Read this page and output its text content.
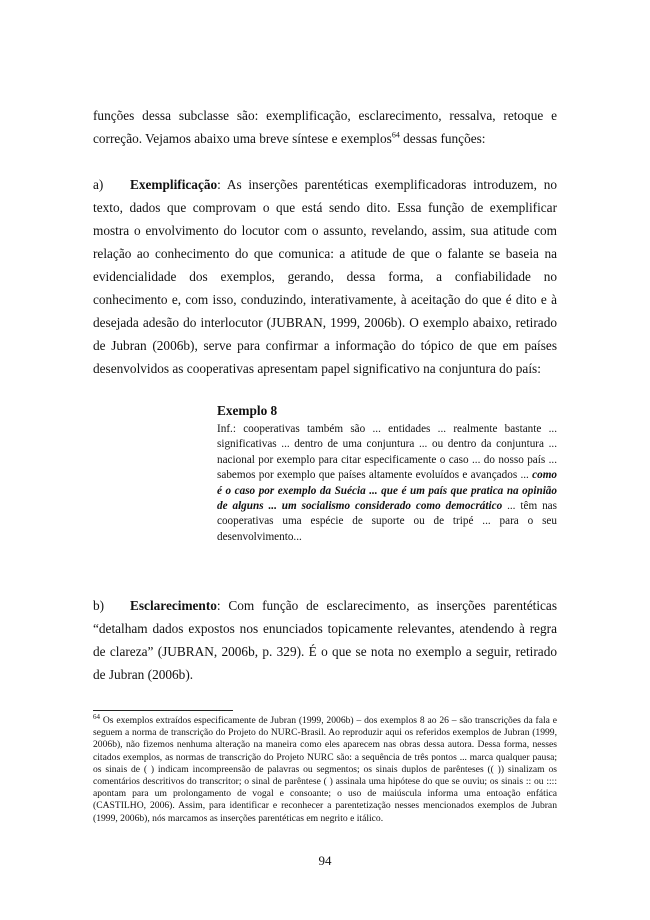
funções dessa subclasse são: exemplificação, esclarecimento, ressalva, retoque e correção. Vejamos abaixo uma breve síntese e exemplos$^{64}$ dessas funções:

a) Exemplificação: As inserções parentéticas exemplificadoras introduzem, no texto, dados que comprovam o que está sendo dito. Essa função de exemplificar mostra o envolvimento do locutor com o assunto, revelando, assim, sua atitude com relação ao conhecimento do que comunica: a atitude de que o falante se baseia na evidencialidade dos exemplos, gerando, dessa forma, a confiabilidade no conhecimento e, com isso, conduzindo, interativamente, à aceitação do que é dito e à desejada adesão do interlocutor (JUBRAN, 1999, 2006b). O exemplo abaixo, retirado de Jubran (2006b), serve para confirmar a informação do tópico de que em países desenvolvidos as cooperativas apresentam papel significativo na conjuntura do país:

Exemplo 8

Inf.: cooperativas também são ... entidades ... realmente bastante ... significativas ... dentro de uma conjuntura ... ou dentro da conjuntura ... nacional por exemplo para citar especificamente o caso ... do nosso país ... sabemos por exemplo que países altamente evoluídos e avançados ... como é o caso por exemplo da Suécia ... que é um país que pratica na opinião de alguns ... um socialismo considerado como democrático ... têm nas cooperativas uma espécie de suporte ou de tripé ... para o seu desenvolvimento...

b) Esclarecimento: Com função de esclarecimento, as inserções parentéticas “detalham dados expostos nos enunciados topicamente relevantes, atendendo à regra de clareza” (JUBRAN, 2006b, p. 329). É o que se nota no exemplo a seguir, retirado de Jubran (2006b).

$^{64}$ Os exemplos extraídos especificamente de Jubran (1999, 2006b) – dos exemplos 8 ao 26 – são transcrições da fala e seguem a norma de transcrição do Projeto do NURC-Brasil. Ao reproduzir aqui os referidos exemplos de Jubran (1999, 2006b), não fizemos nenhuma alteração na maneira como eles aparecem nas obras dessa autora. Dessa forma, nesses citados exemplos, as normas de transcrição do Projeto NURC são: a sequência de três pontos ... marca qualquer pausa; os sinais de ( ) indicam incompreensão de palavras ou segmentos; os sinais duplos de parênteses (( )) sinalizam os comentários descritivos do transcritor; o sinal de parêntese ( ) assinala uma hipótese do que se ouviu; os sinais :: ou :::: apontam para um prolongamento de vogal e consoante; o uso de maiúscula informa uma entoação enfática (CASTILHO, 2006). Assim, para identificar e reconhecer a parentetização nesses mencionados exemplos de Jubran (1999, 2006b), nós marcamos as inserções parentéticas em negrito e itálico.

94
